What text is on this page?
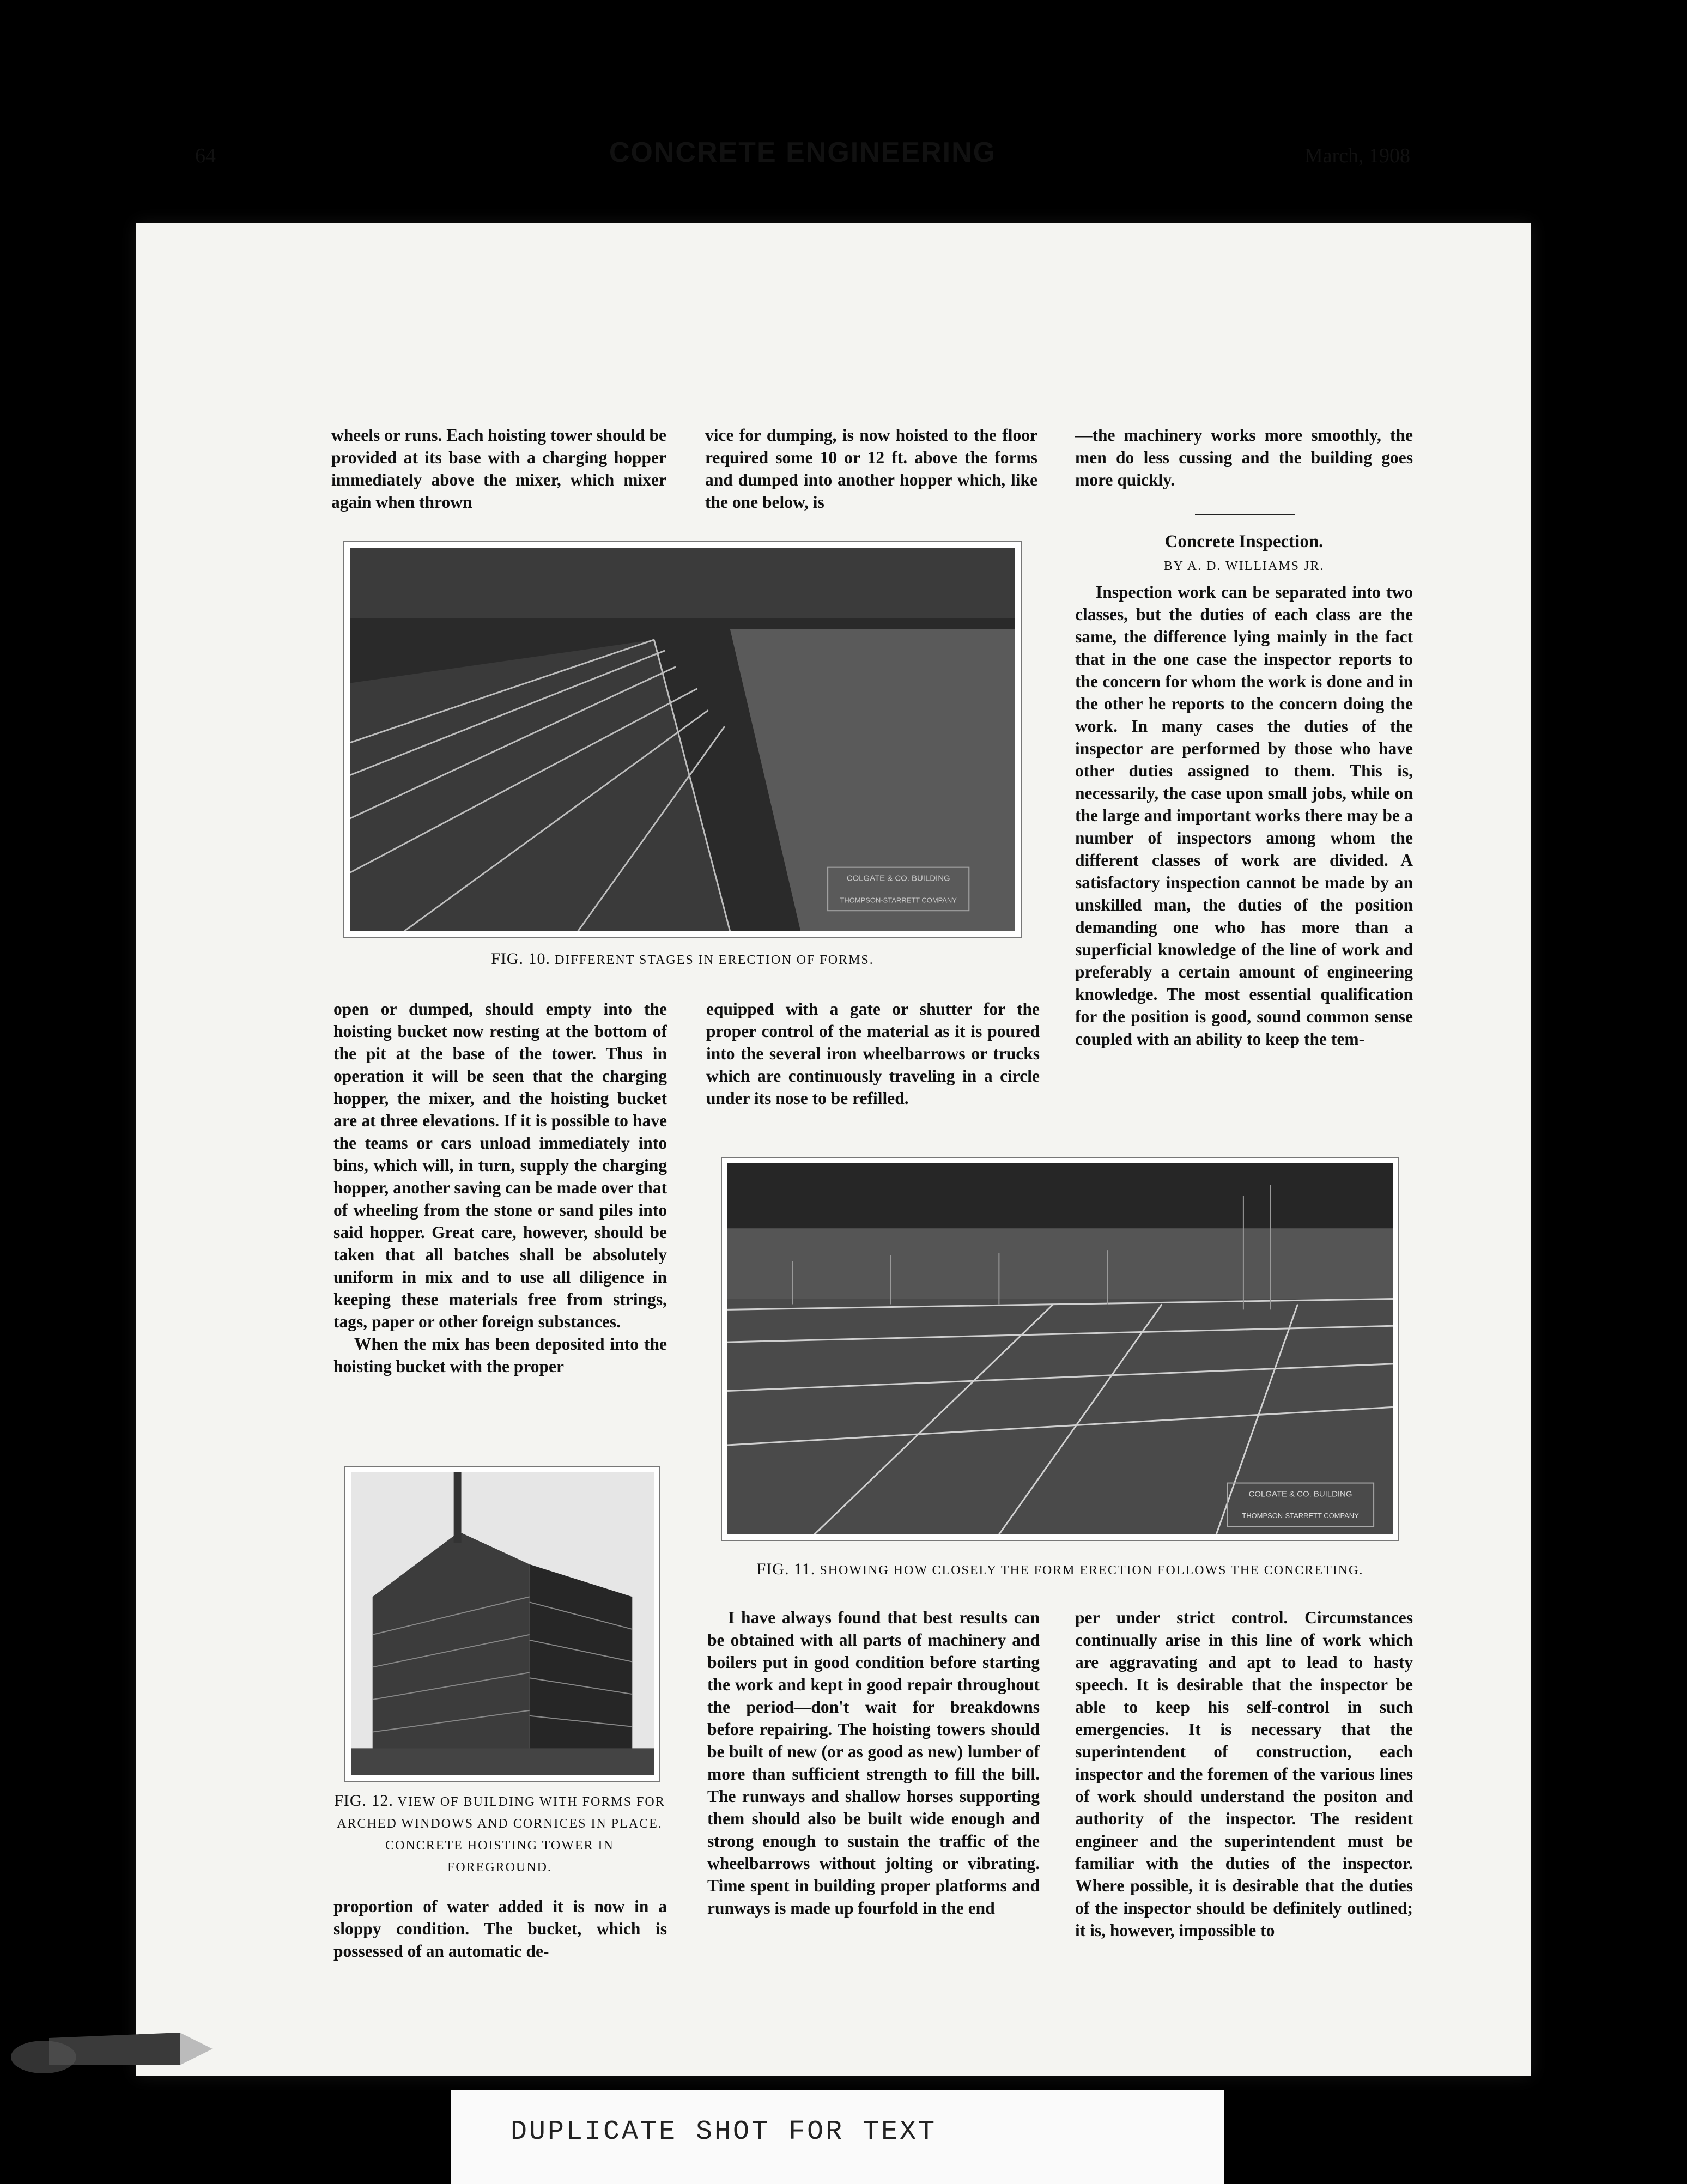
64	CONCRETE ENGINEERING	March, 1908
wheels or runs. Each hoisting tower should be provided at its base with a charging hopper immediately above the mixer, which mixer again when thrown
vice for dumping, is now hoisted to the floor required some 10 or 12 ft. above the forms and dumped into another hopper which, like the one below, is
—the machinery works more smoothly, the men do less cussing and the building goes more quickly.
COLGATE & CO. BUILDING
THOMPSON-STARRETT COMPANY
FIG. 10. DIFFERENT STAGES IN ERECTION OF FORMS.
Concrete Inspection.
BY A. D. WILLIAMS JR.
Inspection work can be separated into two classes, but the duties of each class are the same, the difference lying mainly in the fact that in the one case the inspector reports to the concern for whom the work is done and in the other he reports to the concern doing the work. In many cases the duties of the inspector are performed by those who have other duties assigned to them. This is, necessarily, the case upon small jobs, while on the large and important works there may be a number of inspectors among whom the different classes of work are divided. A satisfactory inspection cannot be made by an unskilled man, the duties of the position demanding one who has more than a superficial knowledge of the line of work and preferably a certain amount of engineering knowledge. The most essential qualification for the position is good, sound common sense coupled with an ability to keep the tem-
open or dumped, should empty into the hoisting bucket now resting at the bottom of the pit at the base of the tower. Thus in operation it will be seen that the charging hopper, the mixer, and the hoisting bucket are at three elevations. If it is possible to have the teams or cars unload immediately into bins, which will, in turn, supply the charging hopper, another saving can be made over that of wheeling from the stone or sand piles into said hopper. Great care, however, should be taken that all batches shall be absolutely uniform in mix and to use all diligence in keeping these materials free from strings, tags, paper or other foreign substances.
When the mix has been deposited into the hoisting bucket with the proper
equipped with a gate or shutter for the proper control of the material as it is poured into the several iron wheelbarrows or trucks which are continuously traveling in a circle under its nose to be refilled.
COLGATE & CO. BUILDING
THOMPSON-STARRETT COMPANY
FIG. 11. SHOWING HOW CLOSELY THE FORM ERECTION FOLLOWS THE CONCRETING.
FIG. 12. VIEW OF BUILDING WITH FORMS FOR ARCHED WINDOWS AND CORNICES IN PLACE. CONCRETE HOISTING TOWER IN FOREGROUND.
proportion of water added it is now in a sloppy condition. The bucket, which is possessed of an automatic de-
I have always found that best results can be obtained with all parts of machinery and boilers put in good condition before starting the work and kept in good repair throughout the period—don't wait for breakdowns before repairing. The hoisting towers should be built of new (or as good as new) lumber of more than sufficient strength to fill the bill. The runways and shallow horses supporting them should also be built wide enough and strong enough to sustain the traffic of the wheelbarrows without jolting or vibrating. Time spent in building proper platforms and runways is made up fourfold in the end
per under strict control. Circumstances continually arise in this line of work which are aggravating and apt to lead to hasty speech. It is desirable that the inspector be able to keep his self-control in such emergencies. It is necessary that the superintendent of construction, each inspector and the foremen of the various lines of work should understand the positon and authority of the inspector. The resident engineer and the superintendent must be familiar with the duties of the inspector. Where possible, it is desirable that the duties of the inspector should be definitely outlined; it is, however, impossible to
DUPLICATE SHOT FOR TEXT
